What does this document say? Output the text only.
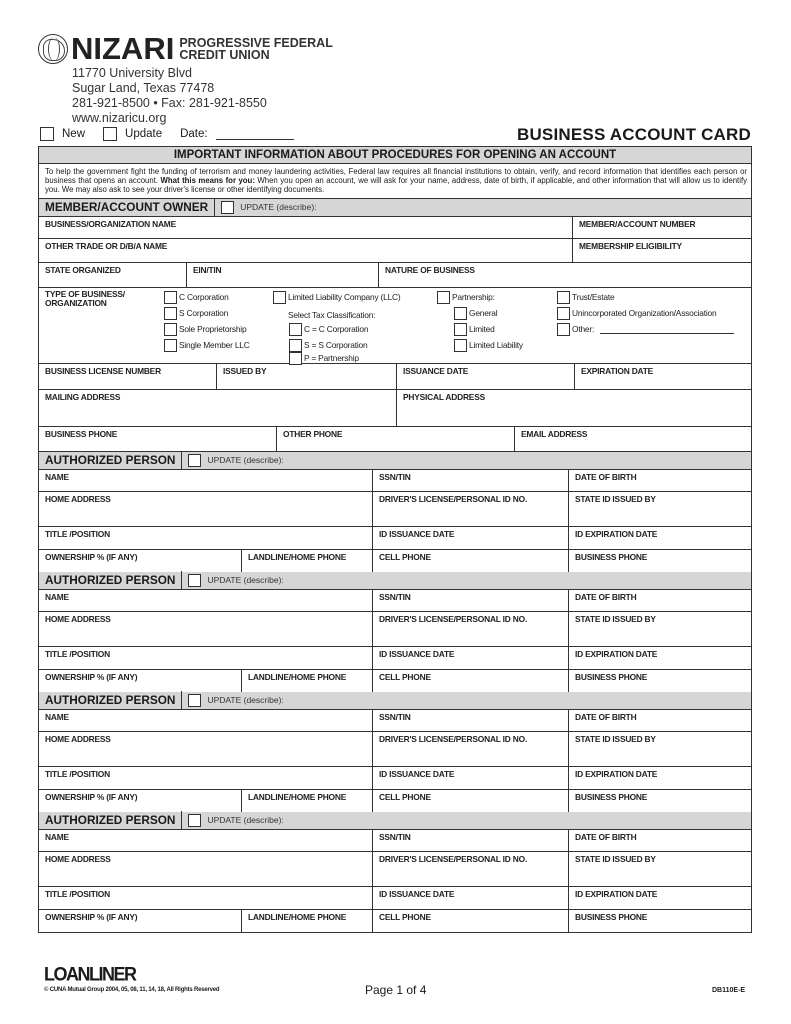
NIZARI PROGRESSIVE FEDERAL
CREDIT UNION
11770 University Blvd
Sugar Land, Texas 77478
281-921-8500 • Fax: 281-921-8550
www.nizaricu.org
New	Update Date:	BUSINESS ACCOUNT CARD
IMPORTANT INFORMATION ABOUT PROCEDURES FOR OPENING AN ACCOUNT
To help the government fight the funding of terrorism and money laundering activities, Federal law requires all financial institutions to obtain, verify, and record information that identifies each person or business that opens an account. What this means for you: When you open an account, we will ask for your name, address, date of birth, if applicable, and other information that will allow us to identify you. We may also ask to see your driver's license or other identifying documents.
MEMBER/ACCOUNT OWNER	UPDATE (describe):
BUSINESS/ORGANIZATION NAME	MEMBER/ACCOUNT NUMBER
OTHER TRADE OR D/B/A NAME	MEMBERSHIP ELIGIBILITY
STATE ORGANIZED	EIN/TIN	NATURE OF BUSINESS
TYPE OF BUSINESS/
ORGANIZATION
C Corporation
S Corporation
Sole Proprietorship
Single Member LLC
Limited Liability Company (LLC)
Select Tax Classification:
C = C Corporation
S = S Corporation
P = Partnership
Partnership:
General
Limited
Limited Liability
Trust/Estate
Unincorporated Organization/Association
Other:
BUSINESS LICENSE NUMBER	ISSUED BY	ISSUANCE DATE	EXPIRATION DATE
MAILING ADDRESS	PHYSICAL ADDRESS
BUSINESS PHONE	OTHER PHONE	EMAIL ADDRESS
AUTHORIZED PERSON	UPDATE (describe):
NAME	SSN/TIN	DATE OF BIRTH
HOME ADDRESS	DRIVER'S LICENSE/PERSONAL ID NO.	STATE ID ISSUED BY
TITLE /POSITION	ID ISSUANCE DATE	ID EXPIRATION DATE
OWNERSHIP % (IF ANY)	LANDLINE/HOME PHONE	CELL PHONE	BUSINESS PHONE
AUTHORIZED PERSON	UPDATE (describe):
NAME	SSN/TIN	DATE OF BIRTH
HOME ADDRESS	DRIVER'S LICENSE/PERSONAL ID NO.	STATE ID ISSUED BY
TITLE /POSITION	ID ISSUANCE DATE	ID EXPIRATION DATE
OWNERSHIP % (IF ANY)	LANDLINE/HOME PHONE	CELL PHONE	BUSINESS PHONE
AUTHORIZED PERSON	UPDATE (describe):
NAME	SSN/TIN	DATE OF BIRTH
HOME ADDRESS	DRIVER'S LICENSE/PERSONAL ID NO.	STATE ID ISSUED BY
TITLE /POSITION	ID ISSUANCE DATE	ID EXPIRATION DATE
OWNERSHIP % (IF ANY)	LANDLINE/HOME PHONE	CELL PHONE	BUSINESS PHONE
AUTHORIZED PERSON	UPDATE (describe):
NAME	SSN/TIN	DATE OF BIRTH
HOME ADDRESS	DRIVER'S LICENSE/PERSONAL ID NO.	STATE ID ISSUED BY
TITLE /POSITION	ID ISSUANCE DATE	ID EXPIRATION DATE
OWNERSHIP % (IF ANY)	LANDLINE/HOME PHONE	CELL PHONE	BUSINESS PHONE
LOANLINER
© CUNA Mutual Group 2004, 05, 08, 11, 14, 18, All Rights Reserved	Page 1 of 4	DB110E-E
